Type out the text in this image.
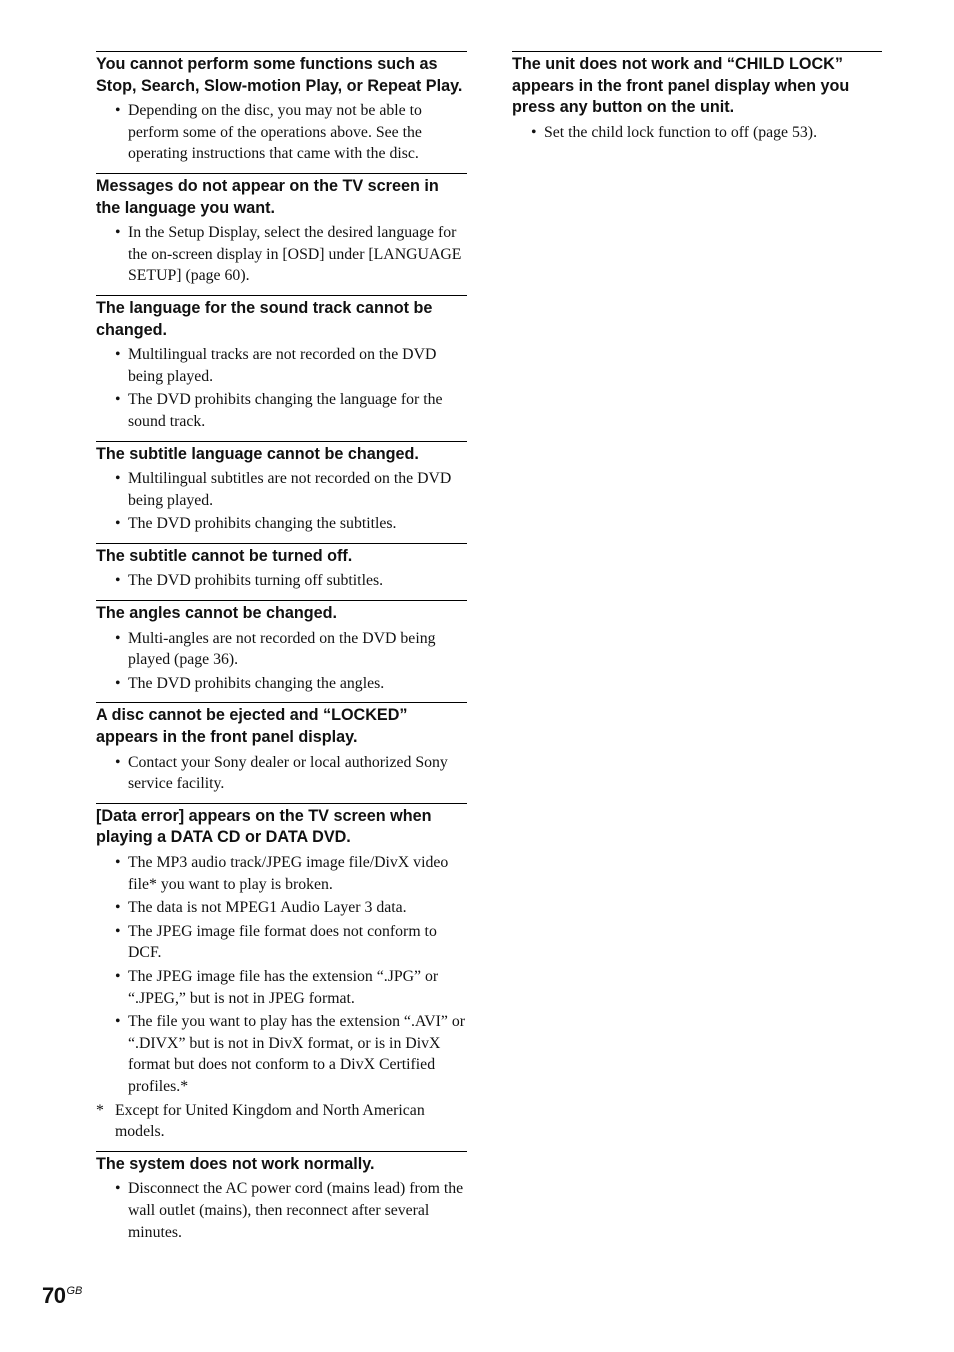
You cannot perform some functions such as Stop, Search, Slow-motion Play, or Repeat Play.
• Depending on the disc, you may not be able to perform some of the operations above. See the operating instructions that came with the disc.
Messages do not appear on the TV screen in the language you want.
• In the Setup Display, select the desired language for the on-screen display in [OSD] under [LANGUAGE SETUP] (page 60).
The language for the sound track cannot be changed.
• Multilingual tracks are not recorded on the DVD being played.
• The DVD prohibits changing the language for the sound track.
The subtitle language cannot be changed.
• Multilingual subtitles are not recorded on the DVD being played.
• The DVD prohibits changing the subtitles.
The subtitle cannot be turned off.
• The DVD prohibits turning off subtitles.
The angles cannot be changed.
• Multi-angles are not recorded on the DVD being played (page 36).
• The DVD prohibits changing the angles.
A disc cannot be ejected and “LOCKED” appears in the front panel display.
• Contact your Sony dealer or local authorized Sony service facility.
[Data error] appears on the TV screen when playing a DATA CD or DATA DVD.
• The MP3 audio track/JPEG image file/DivX video file* you want to play is broken.
• The data is not MPEG1 Audio Layer 3 data.
• The JPEG image file format does not conform to DCF.
• The JPEG image file has the extension “.JPG” or “.JPEG,” but is not in JPEG format.
• The file you want to play has the extension “.AVI” or “.DIVX” but is not in DivX format, or is in DivX format but does not conform to a DivX Certified profiles.*
* Except for United Kingdom and North American models.
The system does not work normally.
• Disconnect the AC power cord (mains lead) from the wall outlet (mains), then reconnect after several minutes.
The unit does not work and “CHILD LOCK” appears in the front panel display when you press any button on the unit.
• Set the child lock function to off (page 53).
$70^{GB}$
